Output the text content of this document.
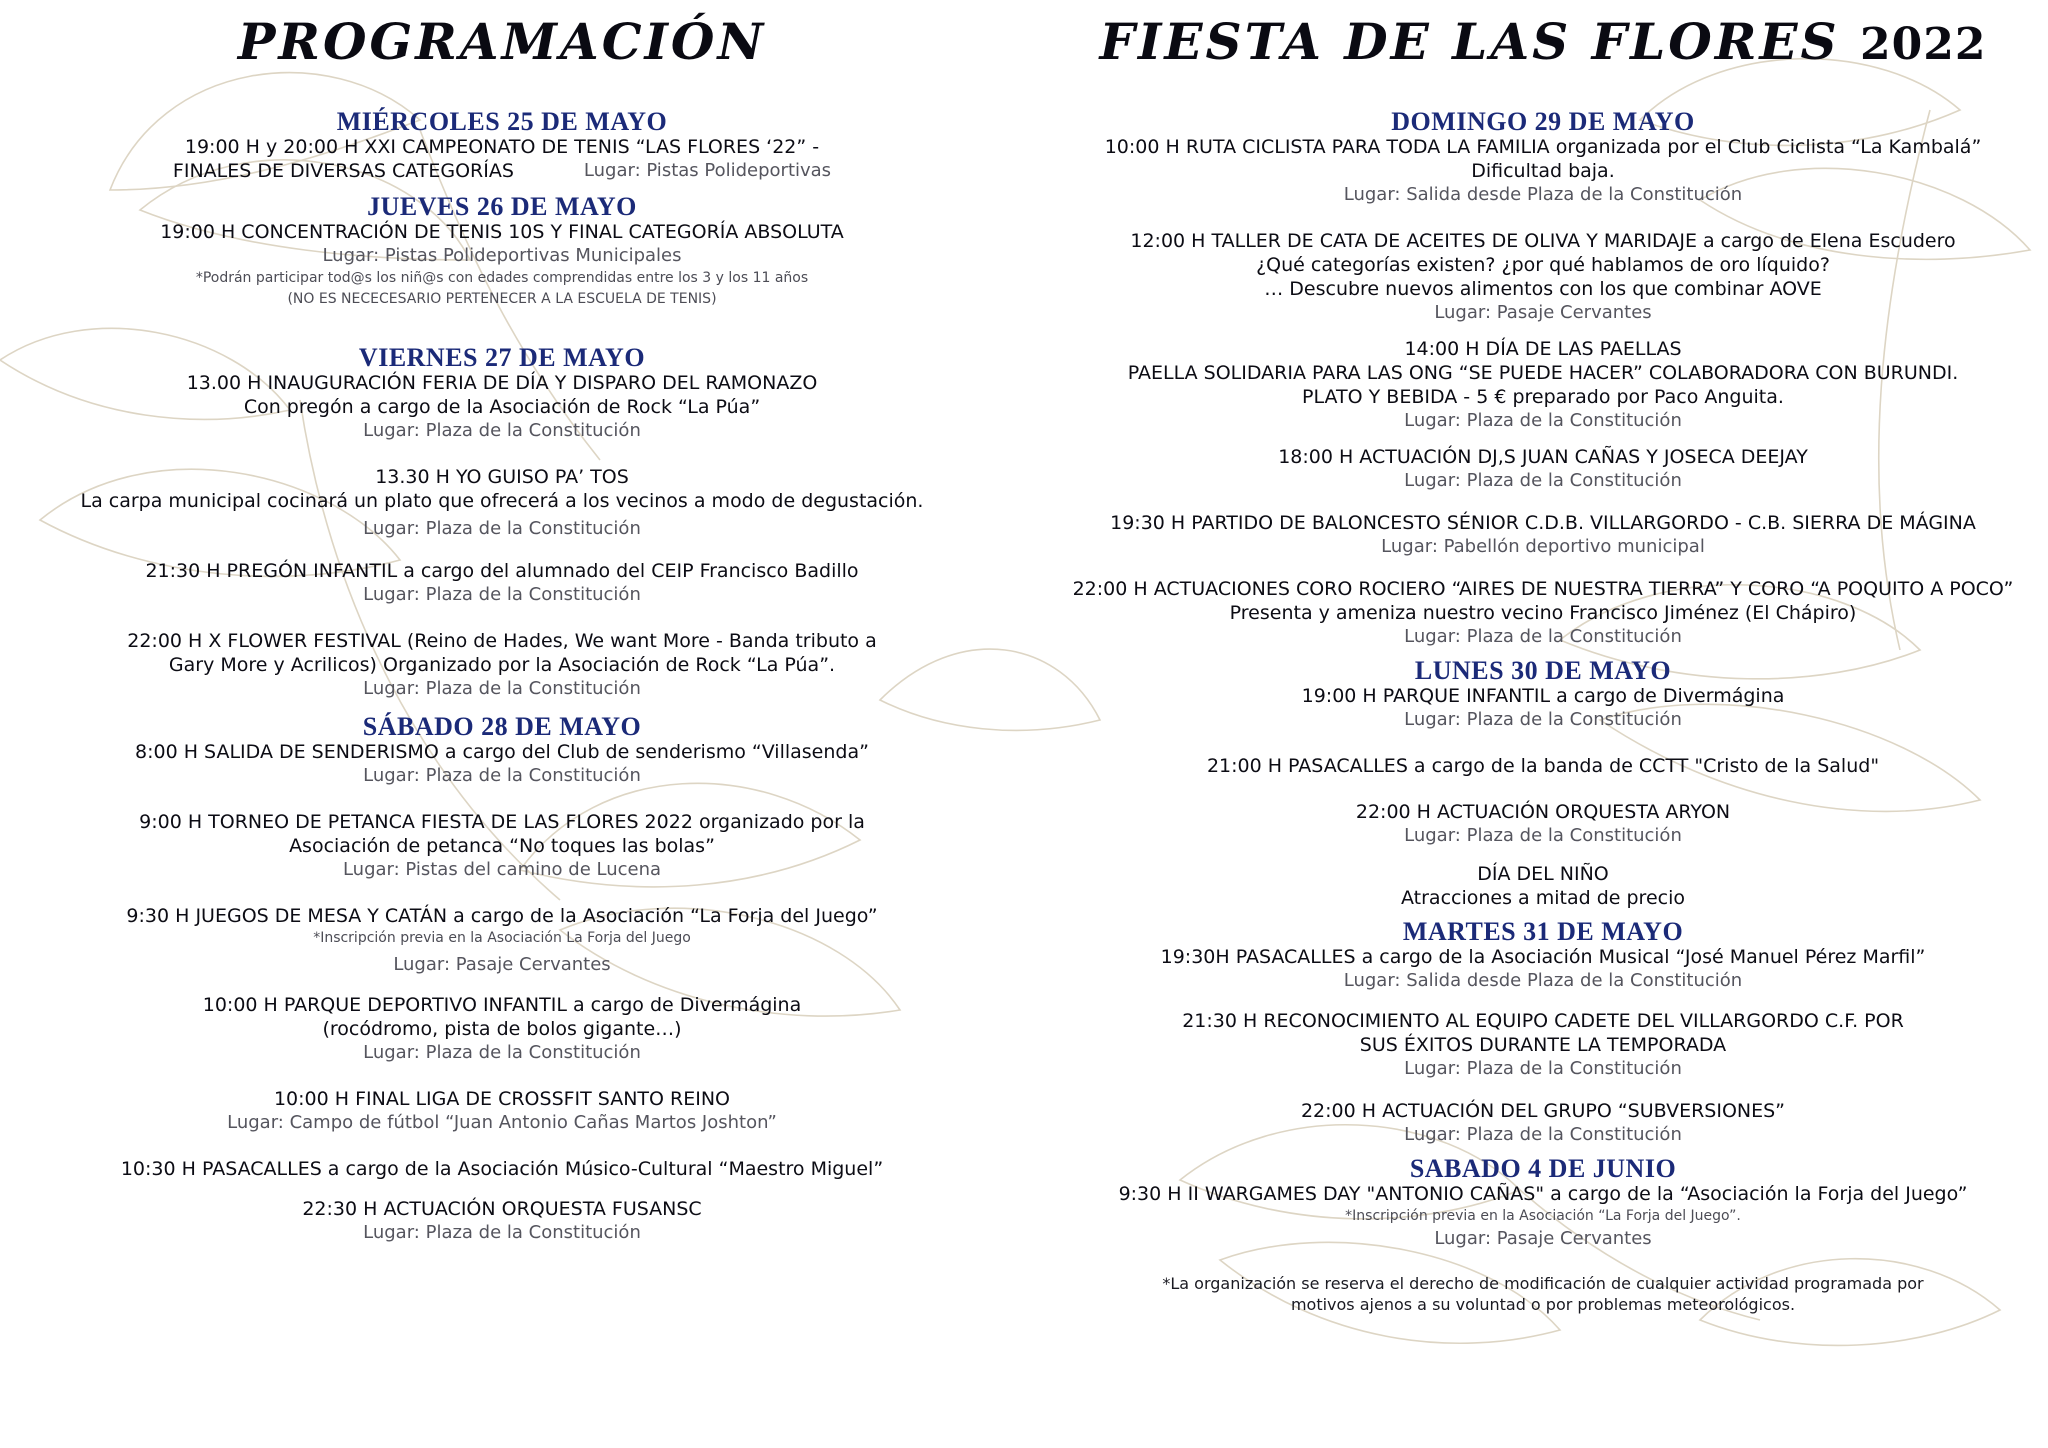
PROGRAMACIÓN
MIÉRCOLES 25 DE MAYO
19:00 H y 20:00 H XXI CAMPEONATO DE TENIS “LAS FLORES ‘22” -
FINALES DE DIVERSAS CATEGORÍAS	Lugar: Pistas Polideportivas
JUEVES 26 DE MAYO
19:00 H CONCENTRACIÓN DE TENIS 10S Y FINAL CATEGORÍA ABSOLUTA
Lugar: Pistas Polideportivas Municipales
*Podrán participar tod@s los niñ@s con edades comprendidas entre los 3 y los 11 años
(NO ES NECECESARIO PERTENECER A LA ESCUELA DE TENIS)
VIERNES 27 DE MAYO
13.00 H INAUGURACIÓN FERIA DE DÍA Y DISPARO DEL RAMONAZO
Con pregón a cargo de la Asociación de Rock “La Púa”
Lugar: Plaza de la Constitución
13.30 H YO GUISO PA’ TOS
La carpa municipal cocinará un plato que ofrecerá a los vecinos a modo de degustación.
Lugar: Plaza de la Constitución
21:30 H PREGÓN INFANTIL a cargo del alumnado del CEIP Francisco Badillo
Lugar: Plaza de la Constitución
22:00 H X FLOWER FESTIVAL (Reino de Hades, We want More - Banda tributo a
Gary More y Acrilicos) Organizado por la Asociación de Rock “La Púa”.
Lugar: Plaza de la Constitución
SÁBADO 28 DE MAYO
8:00 H SALIDA DE SENDERISMO a cargo del Club de senderismo “Villasenda”
Lugar: Plaza de la Constitución
9:00 H TORNEO DE PETANCA FIESTA DE LAS FLORES 2022 organizado por la
Asociación de petanca “No toques las bolas”
Lugar: Pistas del camino de Lucena
9:30 H JUEGOS DE MESA Y CATÁN a cargo de la Asociación “La Forja del Juego”
*Inscripción previa en la Asociación La Forja del Juego
Lugar: Pasaje Cervantes
10:00 H PARQUE DEPORTIVO INFANTIL a cargo de Divermágina
(rocódromo, pista de bolos gigante…)
Lugar: Plaza de la Constitución
10:00 H FINAL LIGA DE CROSSFIT SANTO REINO
Lugar: Campo de fútbol “Juan Antonio Cañas Martos Joshton”
10:30 H PASACALLES a cargo de la Asociación Músico-Cultural “Maestro Miguel”
22:30 H ACTUACIÓN ORQUESTA FUSANSC
Lugar: Plaza de la Constitución
FIESTA DE LAS FLORES 2022
DOMINGO 29 DE MAYO
10:00 H RUTA CICLISTA PARA TODA LA FAMILIA organizada por el Club Ciclista “La Kambalá”
Dificultad baja.
Lugar: Salida desde Plaza de la Constitución
12:00 H TALLER DE CATA DE ACEITES DE OLIVA Y MARIDAJE a cargo de Elena Escudero
¿Qué categorías existen? ¿por qué hablamos de oro líquido?
… Descubre nuevos alimentos con los que combinar AOVE
Lugar: Pasaje Cervantes
14:00 H DÍA DE LAS PAELLAS
PAELLA SOLIDARIA PARA LAS ONG “SE PUEDE HACER” COLABORADORA CON BURUNDI.
PLATO Y BEBIDA - 5 € preparado por Paco Anguita.
Lugar: Plaza de la Constitución
18:00 H ACTUACIÓN DJ,S JUAN CAÑAS Y JOSECA DEEJAY
Lugar: Plaza de la Constitución
19:30 H PARTIDO DE BALONCESTO SÉNIOR C.D.B. VILLARGORDO - C.B. SIERRA DE MÁGINA
Lugar: Pabellón deportivo municipal
22:00 H ACTUACIONES CORO ROCIERO “AIRES DE NUESTRA TIERRA” Y CORO “A POQUITO A POCO”
Presenta y ameniza nuestro vecino Francisco Jiménez (El Chápiro)
Lugar: Plaza de la Constitución
LUNES 30 DE MAYO
19:00 H PARQUE INFANTIL a cargo de Divermágina
Lugar: Plaza de la Constitución
21:00 H PASACALLES a cargo de la banda de CCTT "Cristo de la Salud"
22:00 H ACTUACIÓN ORQUESTA ARYON
Lugar: Plaza de la Constitución
DÍA DEL NIÑO
Atracciones a mitad de precio
MARTES 31 DE MAYO
19:30H PASACALLES a cargo de la Asociación Musical “José Manuel Pérez Marfil”
Lugar: Salida desde Plaza de la Constitución
21:30 H RECONOCIMIENTO AL EQUIPO CADETE DEL VILLARGORDO C.F. POR
SUS ÉXITOS DURANTE LA TEMPORADA
Lugar: Plaza de la Constitución
22:00 H ACTUACIÓN DEL GRUPO “SUBVERSIONES”
Lugar: Plaza de la Constitución
SABADO 4 DE JUNIO
9:30 H II WARGAMES DAY "ANTONIO CAÑAS" a cargo de la “Asociación la Forja del Juego”
*Inscripción previa en la Asociación “La Forja del Juego”.
Lugar: Pasaje Cervantes
*La organización se reserva el derecho de modificación de cualquier actividad programada por
motivos ajenos a su voluntad o por problemas meteorológicos.
